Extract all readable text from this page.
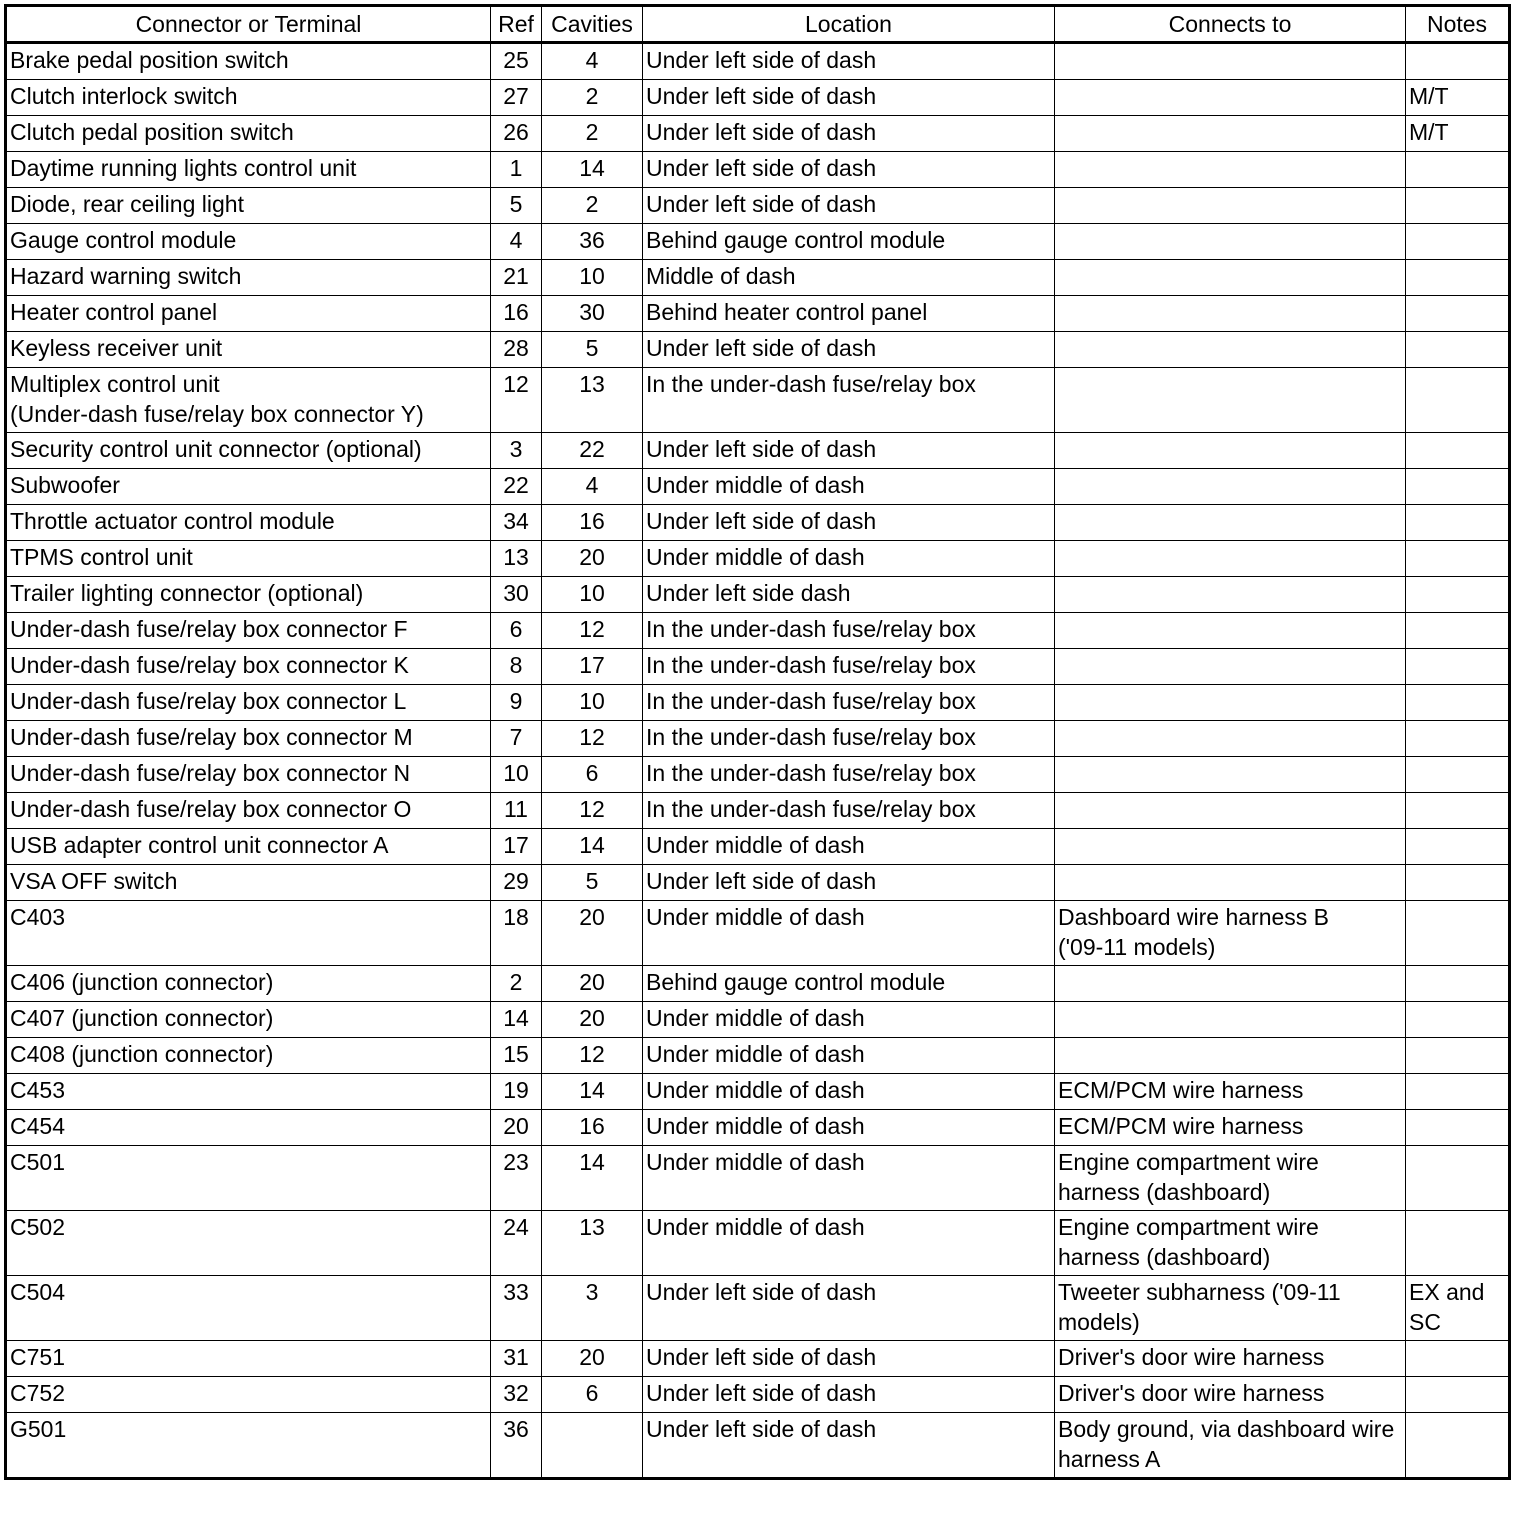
Connector or Terminal	Ref	Cavities	Location	Connects to	Notes
Brake pedal position switch	25	4	Under left side of dash		
Clutch interlock switch	27	2	Under left side of dash		M/T
Clutch pedal position switch	26	2	Under left side of dash		M/T
Daytime running lights control unit	1	14	Under left side of dash		
Diode, rear ceiling light	5	2	Under left side of dash		
Gauge control module	4	36	Behind gauge control module		
Hazard warning switch	21	10	Middle of dash		
Heater control panel	16	30	Behind heater control panel		
Keyless receiver unit	28	5	Under left side of dash		
Multiplex control unit
(Under-dash fuse/relay box connector Y)	12	13	In the under-dash fuse/relay box		
Security control unit connector (optional)	3	22	Under left side of dash		
Subwoofer	22	4	Under middle of dash		
Throttle actuator control module	34	16	Under left side of dash		
TPMS control unit	13	20	Under middle of dash		
Trailer lighting connector (optional)	30	10	Under left side dash		
Under-dash fuse/relay box connector F	6	12	In the under-dash fuse/relay box		
Under-dash fuse/relay box connector K	8	17	In the under-dash fuse/relay box		
Under-dash fuse/relay box connector L	9	10	In the under-dash fuse/relay box		
Under-dash fuse/relay box connector M	7	12	In the under-dash fuse/relay box		
Under-dash fuse/relay box connector N	10	6	In the under-dash fuse/relay box		
Under-dash fuse/relay box connector O	11	12	In the under-dash fuse/relay box		
USB adapter control unit connector A	17	14	Under middle of dash		
VSA OFF switch	29	5	Under left side of dash		
C403	18	20	Under middle of dash	Dashboard wire harness B
('09-11 models)	
C406 (junction connector)	2	20	Behind gauge control module		
C407 (junction connector)	14	20	Under middle of dash		
C408 (junction connector)	15	12	Under middle of dash		
C453	19	14	Under middle of dash	ECM/PCM wire harness	
C454	20	16	Under middle of dash	ECM/PCM wire harness	
C501	23	14	Under middle of dash	Engine compartment wire harness (dashboard)	
C502	24	13	Under middle of dash	Engine compartment wire harness (dashboard)	
C504	33	3	Under left side of dash	Tweeter subharness ('09-11 models)	EX and SC
C751	31	20	Under left side of dash	Driver's door wire harness	
C752	32	6	Under left side of dash	Driver's door wire harness	
G501	36		Under left side of dash	Body ground, via dashboard wire harness A	
